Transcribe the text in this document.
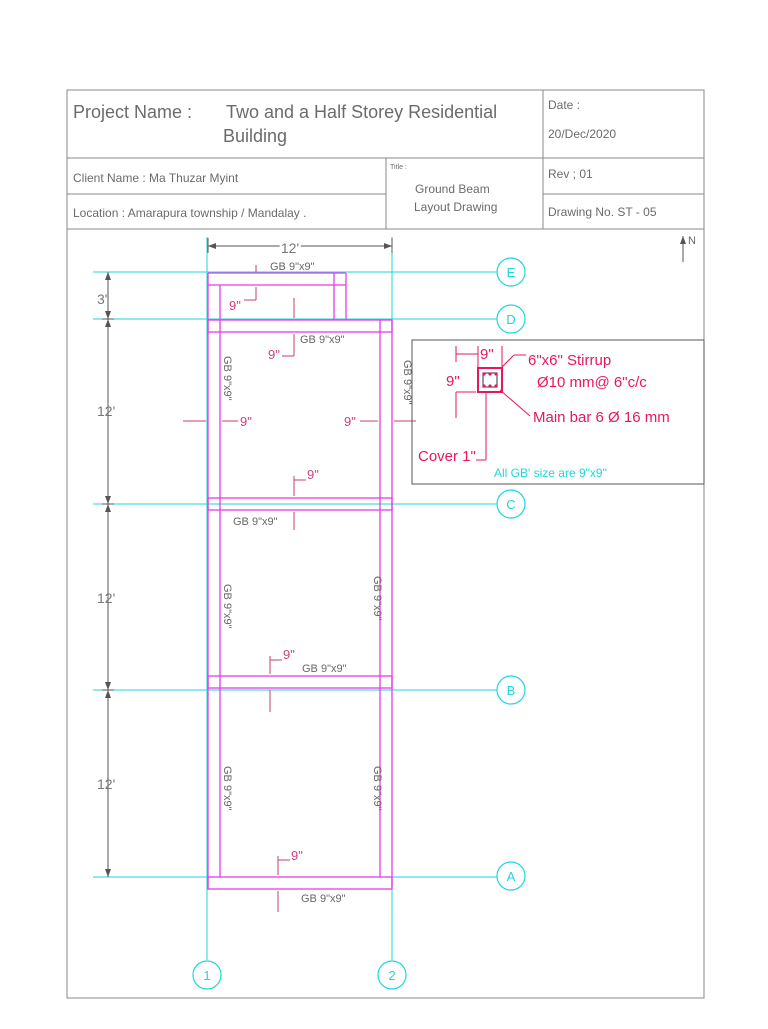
E
D
C
B
A
1	2
12'
3'
12'
12'
12'
9"
9"
9"	9"
9"
9"
9"
GB 9"x9"
GB 9"x9"
GB 9"x9"
GB 9"x9"
GB 9"x9"
GB 9"x9"	GB 9"x9"
GB 9"x9"	GB 9"x9"
GB 9"x9"	GB 9"x9"
N
9"
9"
6"x6" Stirrup
Ø10 mm@ 6"c/c
Main bar 6 Ø 16 mm
Cover 1"
All GB' size are 9"x9"
Project Name : Two and a Half Storey Residential
Building
Date :
20/Dec/2020
Client Name : Ma Thuzar Myint
Title :
Ground Beam
Layout Drawing
Rev ; 01
Location : Amarapura township / Mandalay .	Drawing No. ST - 05
